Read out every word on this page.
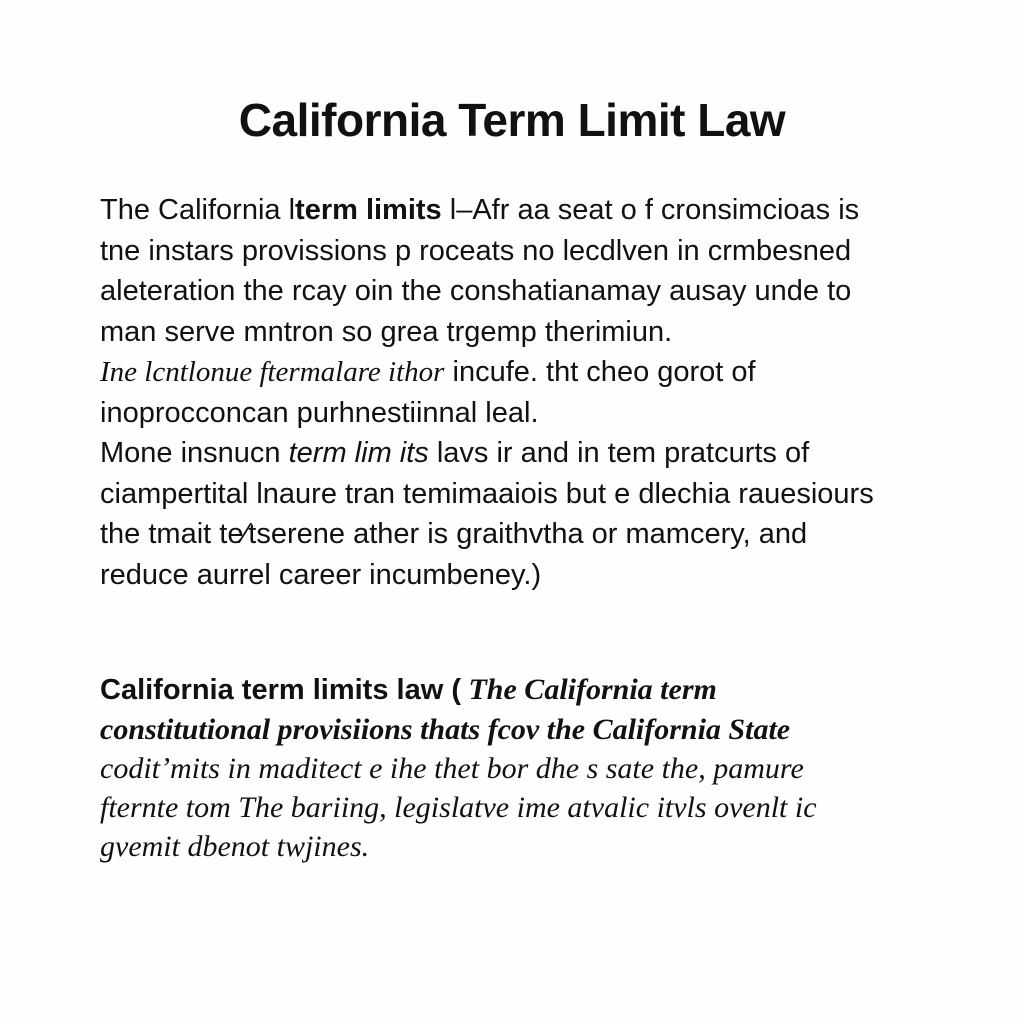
California Term Limit Law
The California lterm limits l–Afr aa seat o f cronsimcioas is
tne instars provissions p roceats no lecdlven in crmbesned
aleteration the rcay oin the conshatianamay ausay unde to
man serve mntron so grea trgemp therimiun.
Ine lcntlonue ftermalare ithor incufe. tht cheo gorot of
inoprocconcan purhnestiinnal leal.
Mone insnucn term lim its lavs ir and in tem pratcurts of
ciampertital lnaure tran temimaaiois but e dlechia rauesiours
the tmait te⁄tserene ather is graithvtha or mamcery, and
reduce aurrel career incumbeney.)
California term limits law ( The California term
constitutional provisiions thats fcov the California State
coditʼmits in maditect e ihe thet bor dhe s sate the, pamure
fternte tom The bariing, legislatve ime atvalic itvls ovenlt ic
gvemit dbenot twjines.
